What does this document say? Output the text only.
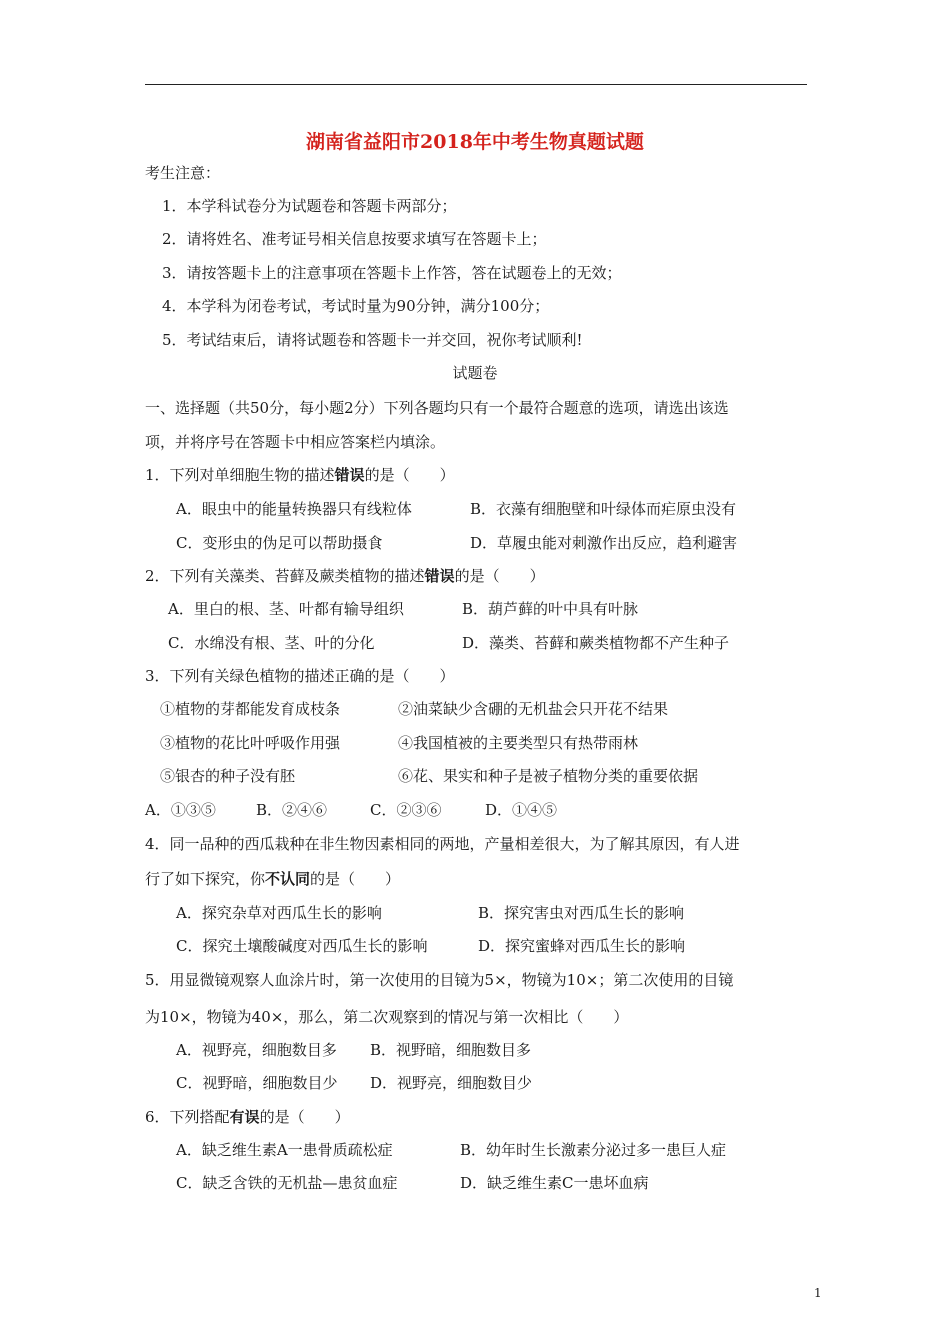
湖南省益阳市2018年中考生物真题试题
考生注意：
1．本学科试卷分为试题卷和答题卡两部分；
2．请将姓名、准考证号相关信息按要求填写在答题卡上；
3．请按答题卡上的注意事项在答题卡上作答，答在试题卷上的无效；
4．本学科为闭卷考试，考试时量为90分钟，满分100分；
5．考试结束后，请将试题卷和答题卡一并交回，祝你考试顺利!
试题卷
一、选择题（共50分，每小题2分）下列各题均只有一个最符合题意的选项，请选出该选
项，并将序号在答题卡中相应答案栏内填涂。
1．下列对单细胞生物的描述错误的是（　　）
A．眼虫中的能量转换器只有线粒体	B．衣藻有细胞壁和叶绿体而疟原虫没有
C．变形虫的伪足可以帮助摄食	D．草履虫能对刺激作出反应，趋利避害
2．下列有关藻类、苔藓及蕨类植物的描述错误的是（　　）
A．里白的根、茎、叶都有输导组织	B．葫芦藓的叶中具有叶脉
C．水绵没有根、茎、叶的分化	D．藻类、苔藓和蕨类植物都不产生种子
3．下列有关绿色植物的描述正确的是（　　）
①植物的芽都能发育成枝条	②油菜缺少含硼的无机盐会只开花不结果
③植物的花比叶呼吸作用强	④我国植被的主要类型只有热带雨林
⑤银杏的种子没有胚	⑥花、果实和种子是被子植物分类的重要依据
A．①③⑤	B．②④⑥	C．②③⑥	D．①④⑤
4．同一品种的西瓜栽种在非生物因素相同的两地，产量相差很大，为了解其原因，有人进
行了如下探究，你不认同的是（　　）
A．探究杂草对西瓜生长的影响	B．探究害虫对西瓜生长的影响
C．探究土壤酸碱度对西瓜生长的影响	D．探究蜜蜂对西瓜生长的影响
5．用显微镜观察人血涂片时，第一次使用的目镜为5×，物镜为10×；第二次使用的目镜
为10×，物镜为40×，那么，第二次观察到的情况与第一次相比（　　）
A．视野亮，细胞数目多 B．视野暗，细胞数目多
C．视野暗，细胞数目少 D．视野亮，细胞数目少
6．下列搭配有误的是（　　）
A．缺乏维生素A一患骨质疏松症	B．幼年时生长激素分泌过多一患巨人症
C．缺乏含铁的无机盐—患贫血症	D．缺乏维生素C一患坏血病
1
